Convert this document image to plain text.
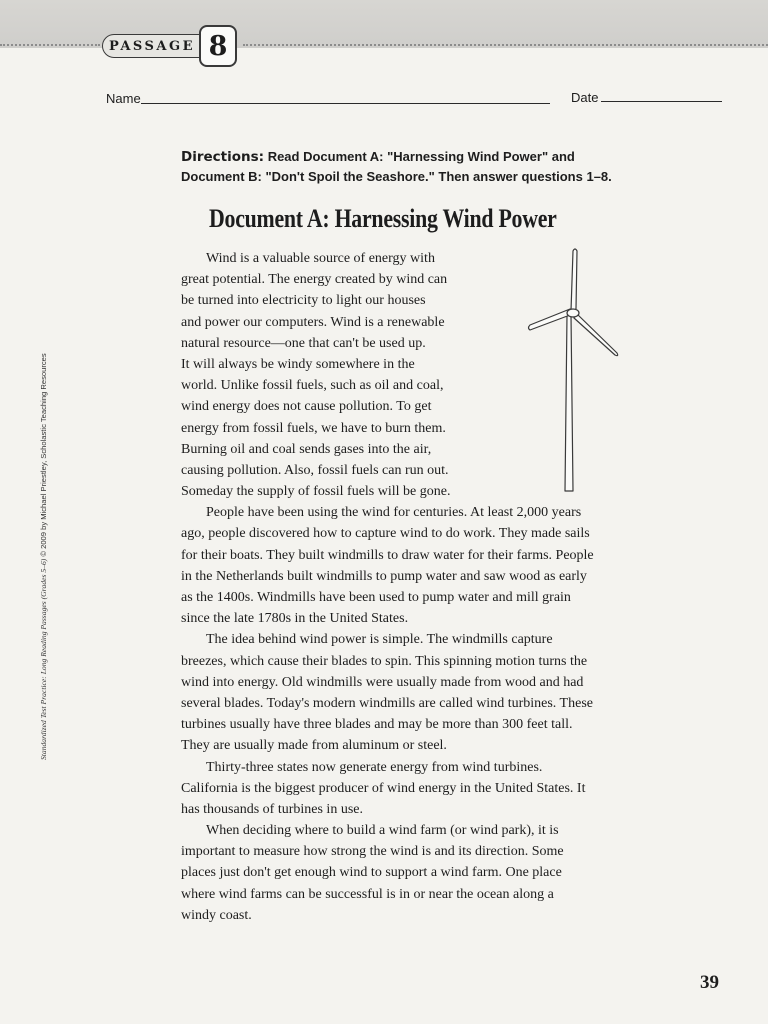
PASSAGE 8
Name	Date
Directions: Read Document A: "Harnessing Wind Power" and
Document B: "Don't Spoil the Seashore." Then answer questions 1–8.
Document A: Harnessing Wind Power
Wind is a valuable source of energy with
great potential. The energy created by wind can
be turned into electricity to light our houses
and power our computers. Wind is a renewable
natural resource—one that can't be used up.
It will always be windy somewhere in the
world. Unlike fossil fuels, such as oil and coal,
wind energy does not cause pollution. To get
energy from fossil fuels, we have to burn them.
Burning oil and coal sends gases into the air,
causing pollution. Also, fossil fuels can run out.
Someday the supply of fossil fuels will be gone.
People have been using the wind for centuries. At least 2,000 years
ago, people discovered how to capture wind to do work. They made sails
for their boats. They built windmills to draw water for their farms. People
in the Netherlands built windmills to pump water and saw wood as early
as the 1400s. Windmills have been used to pump water and mill grain
since the late 1780s in the United States.
The idea behind wind power is simple. The windmills capture
breezes, which cause their blades to spin. This spinning motion turns the
wind into energy. Old windmills were usually made from wood and had
several blades. Today's modern windmills are called wind turbines. These
turbines usually have three blades and may be more than 300 feet tall.
They are usually made from aluminum or steel.
Thirty-three states now generate energy from wind turbines.
California is the biggest producer of wind energy in the United States. It
has thousands of turbines in use.
When deciding where to build a wind farm (or wind park), it is
important to measure how strong the wind is and its direction. Some
places just don't get enough wind to support a wind farm. One place
where wind farms can be successful is in or near the ocean along a
windy coast.
Standardized Test Practice: Long Reading Passages (Grades 5–6) © 2009 by Michael Priestley, Scholastic Teaching Resources
39
